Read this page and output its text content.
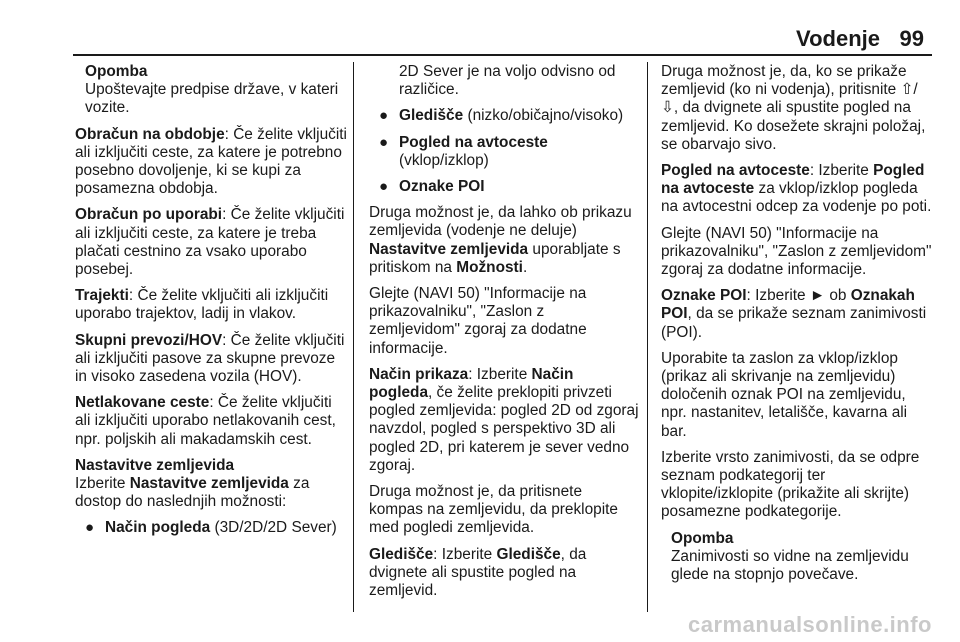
Vodenje 99
Opomba
Upoštevajte predpise države, v kateri vozite.

Obračun na obdobje: Če želite vključiti ali izključiti ceste, za katere je potrebno posebno dovoljenje, ki se kupi za posamezna obdobja.

Obračun po uporabi: Če želite vključiti ali izključiti ceste, za katere je treba plačati cestnino za vsako uporabo posebej.

Trajekti: Če želite vključiti ali izključiti uporabo trajektov, ladij in vlakov.

Skupni prevozi/HOV: Če želite vključiti ali izključiti pasove za skupne prevoze in visoko zasedena vozila (HOV).

Netlakovane ceste: Če želite vključiti ali izključiti uporabo netlakovanih cest, npr. poljskih ali makadamskih cest.

Nastavitve zemljevida

Izberite Nastavitve zemljevida za dostop do naslednjih možnosti:

● Način pogleda (3D/2D/2D Sever)

2D Sever je na voljo odvisno od različice.

● Gledišče (nizko/običajno/visoko)
● Pogled na avtoceste (vklop/izklop)
● Oznake POI

Druga možnost je, da lahko ob prikazu zemljevida (vodenje ne deluje) Nastavitve zemljevida uporabljate s pritiskom na Možnosti.

Glejte (NAVI 50) "Informacije na prikazovalniku", "Zaslon z zemljevidom" zgoraj za dodatne informacije.

Način prikaza: Izberite Način pogleda, če želite preklopiti privzeti pogled zemljevida: pogled 2D od zgoraj navzdol, pogled s perspektivo 3D ali pogled 2D, pri katerem je sever vedno zgoraj.

Druga možnost je, da pritisnete kompas na zemljevidu, da preklopite med pogledi zemljevida.

Gledišče: Izberite Gledišče, da dvignete ali spustite pogled na zemljevid.

Druga možnost je, da, ko se prikaže zemljevid (ko ni vodenja), pritisnite ⇧/⇩, da dvignete ali spustite pogled na zemljevid. Ko dosežete skrajni položaj, se obarvajo sivo.

Pogled na avtoceste: Izberite Pogled na avtoceste za vklop/izklop pogleda na avtocestni odcep za vodenje po poti.

Glejte (NAVI 50) "Informacije na prikazovalniku", "Zaslon z zemljevidom" zgoraj za dodatne informacije.

Oznake POI: Izberite ► ob Oznakah POI, da se prikaže seznam zanimivosti (POI).

Uporabite ta zaslon za vklop/izklop (prikaz ali skrivanje na zemljevidu) določenih oznak POI na zemljevidu, npr. nastanitev, letališče, kavarna ali bar.

Izberite vrsto zanimivosti, da se odpre seznam podkategorij ter vklopite/izklopite (prikažite ali skrijte) posamezne podkategorije.

Opomba
Zanimivosti so vidne na zemljevidu glede na stopnjo povečave.
carmanualsonline.info
